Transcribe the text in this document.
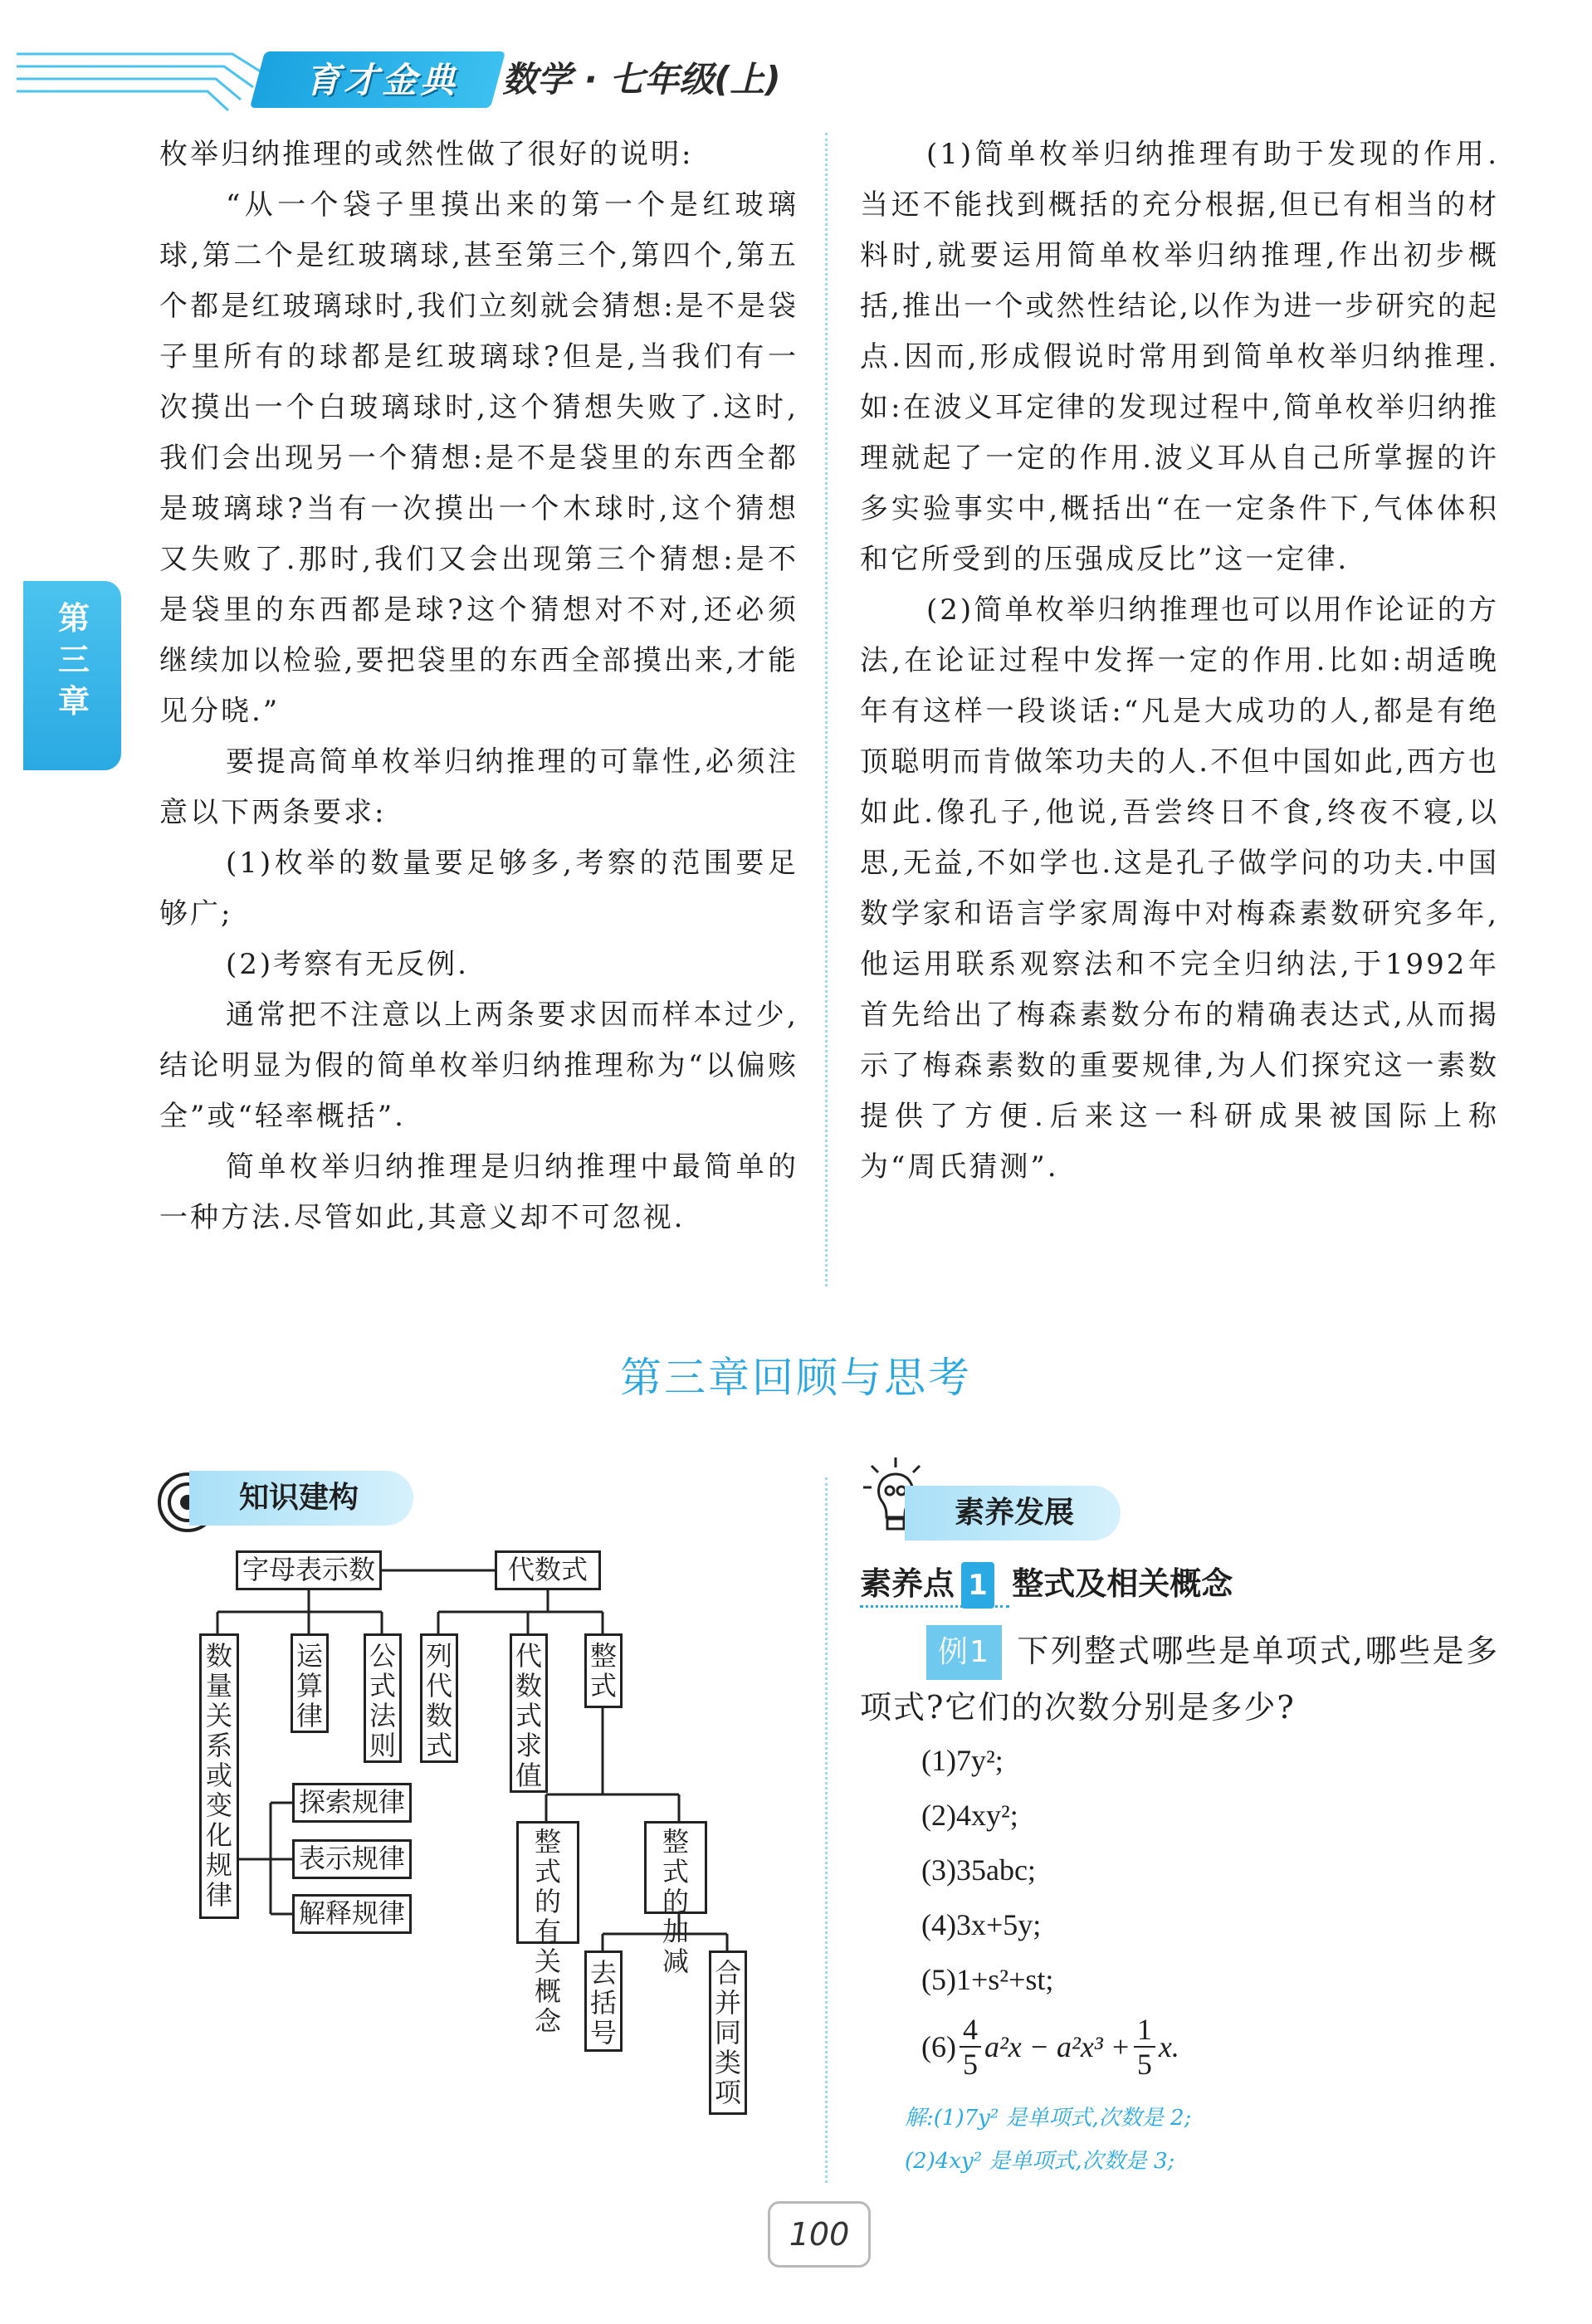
育才金典	数学 · 七年级(上)
第三章

枚举归纳推理的或然性做了很好的说明:

“从一个袋子里摸出来的第一个是红玻璃球,第二个是红玻璃球,甚至第三个,第四个,第五个都是红玻璃球时,我们立刻就会猜想:是不是袋子里所有的球都是红玻璃球?但是,当我们有一次摸出一个白玻璃球时,这个猜想失败了.这时,我们会出现另一个猜想:是不是袋里的东西全都是玻璃球?当有一次摸出一个木球时,这个猜想又失败了.那时,我们又会出现第三个猜想:是不是袋里的东西都是球?这个猜想对不对,还必须继续加以检验,要把袋里的东西全部摸出来,才能见分晓.”

要提高简单枚举归纳推理的可靠性,必须注意以下两条要求:

(1)枚举的数量要足够多,考察的范围要足够广;

(2)考察有无反例.

通常把不注意以上两条要求因而样本过少,结论明显为假的简单枚举归纳推理称为“以偏赅全”或“轻率概括”.

简单枚举归纳推理是归纳推理中最简单的一种方法.尽管如此,其意义却不可忽视.

(1)简单枚举归纳推理有助于发现的作用.当还不能找到概括的充分根据,但已有相当的材料时,就要运用简单枚举归纳推理,作出初步概括,推出一个或然性结论,以作为进一步研究的起点.因而,形成假说时常用到简单枚举归纳推理.如:在波义耳定律的发现过程中,简单枚举归纳推理就起了一定的作用.波义耳从自己所掌握的许多实验事实中,概括出“在一定条件下,气体体积和它所受到的压强成反比”这一定律.

(2)简单枚举归纳推理也可以用作论证的方法,在论证过程中发挥一定的作用.比如:胡适晚年有这样一段谈话:“凡是大成功的人,都是有绝顶聪明而肯做笨功夫的人.不但中国如此,西方也如此.像孔子,他说,吾尝终日不食,终夜不寝,以思,无益,不如学也.这是孔子做学问的功夫.中国数学家和语言学家周海中对梅森素数研究多年,他运用联系观察法和不完全归纳法,于1992年首先给出了梅森素数分布的精确表达式,从而揭示了梅森素数的重要规律,为人们探究这一素数提供了方便.后来这一科研成果被国际上称为“周氏猜测”.

第三章回顾与思考
知识建构
字母表示数	代数式
数量关系或变化规律
运算律
公式法则
列代数式
代数式求值
整式
探索规律
表示规律
解释规律
整式的有关概念
整式的加减
去括号
合并同类项
素养发展
素养点 1 整式及相关概念
例1 下列整式哪些是单项式,哪些是多项式?它们的次数分别是多少?
(1)7y²;
(2)4xy²;
(3)35abc;
(4)3x+5y;
(5)1+s²+st;
$(6) \frac{4}{5} a^2x - a^2x^3 + \frac{1}{5} x$.
解:(1)7y² 是单项式,次数是 2;
(2)4xy² 是单项式,次数是 3;
100
